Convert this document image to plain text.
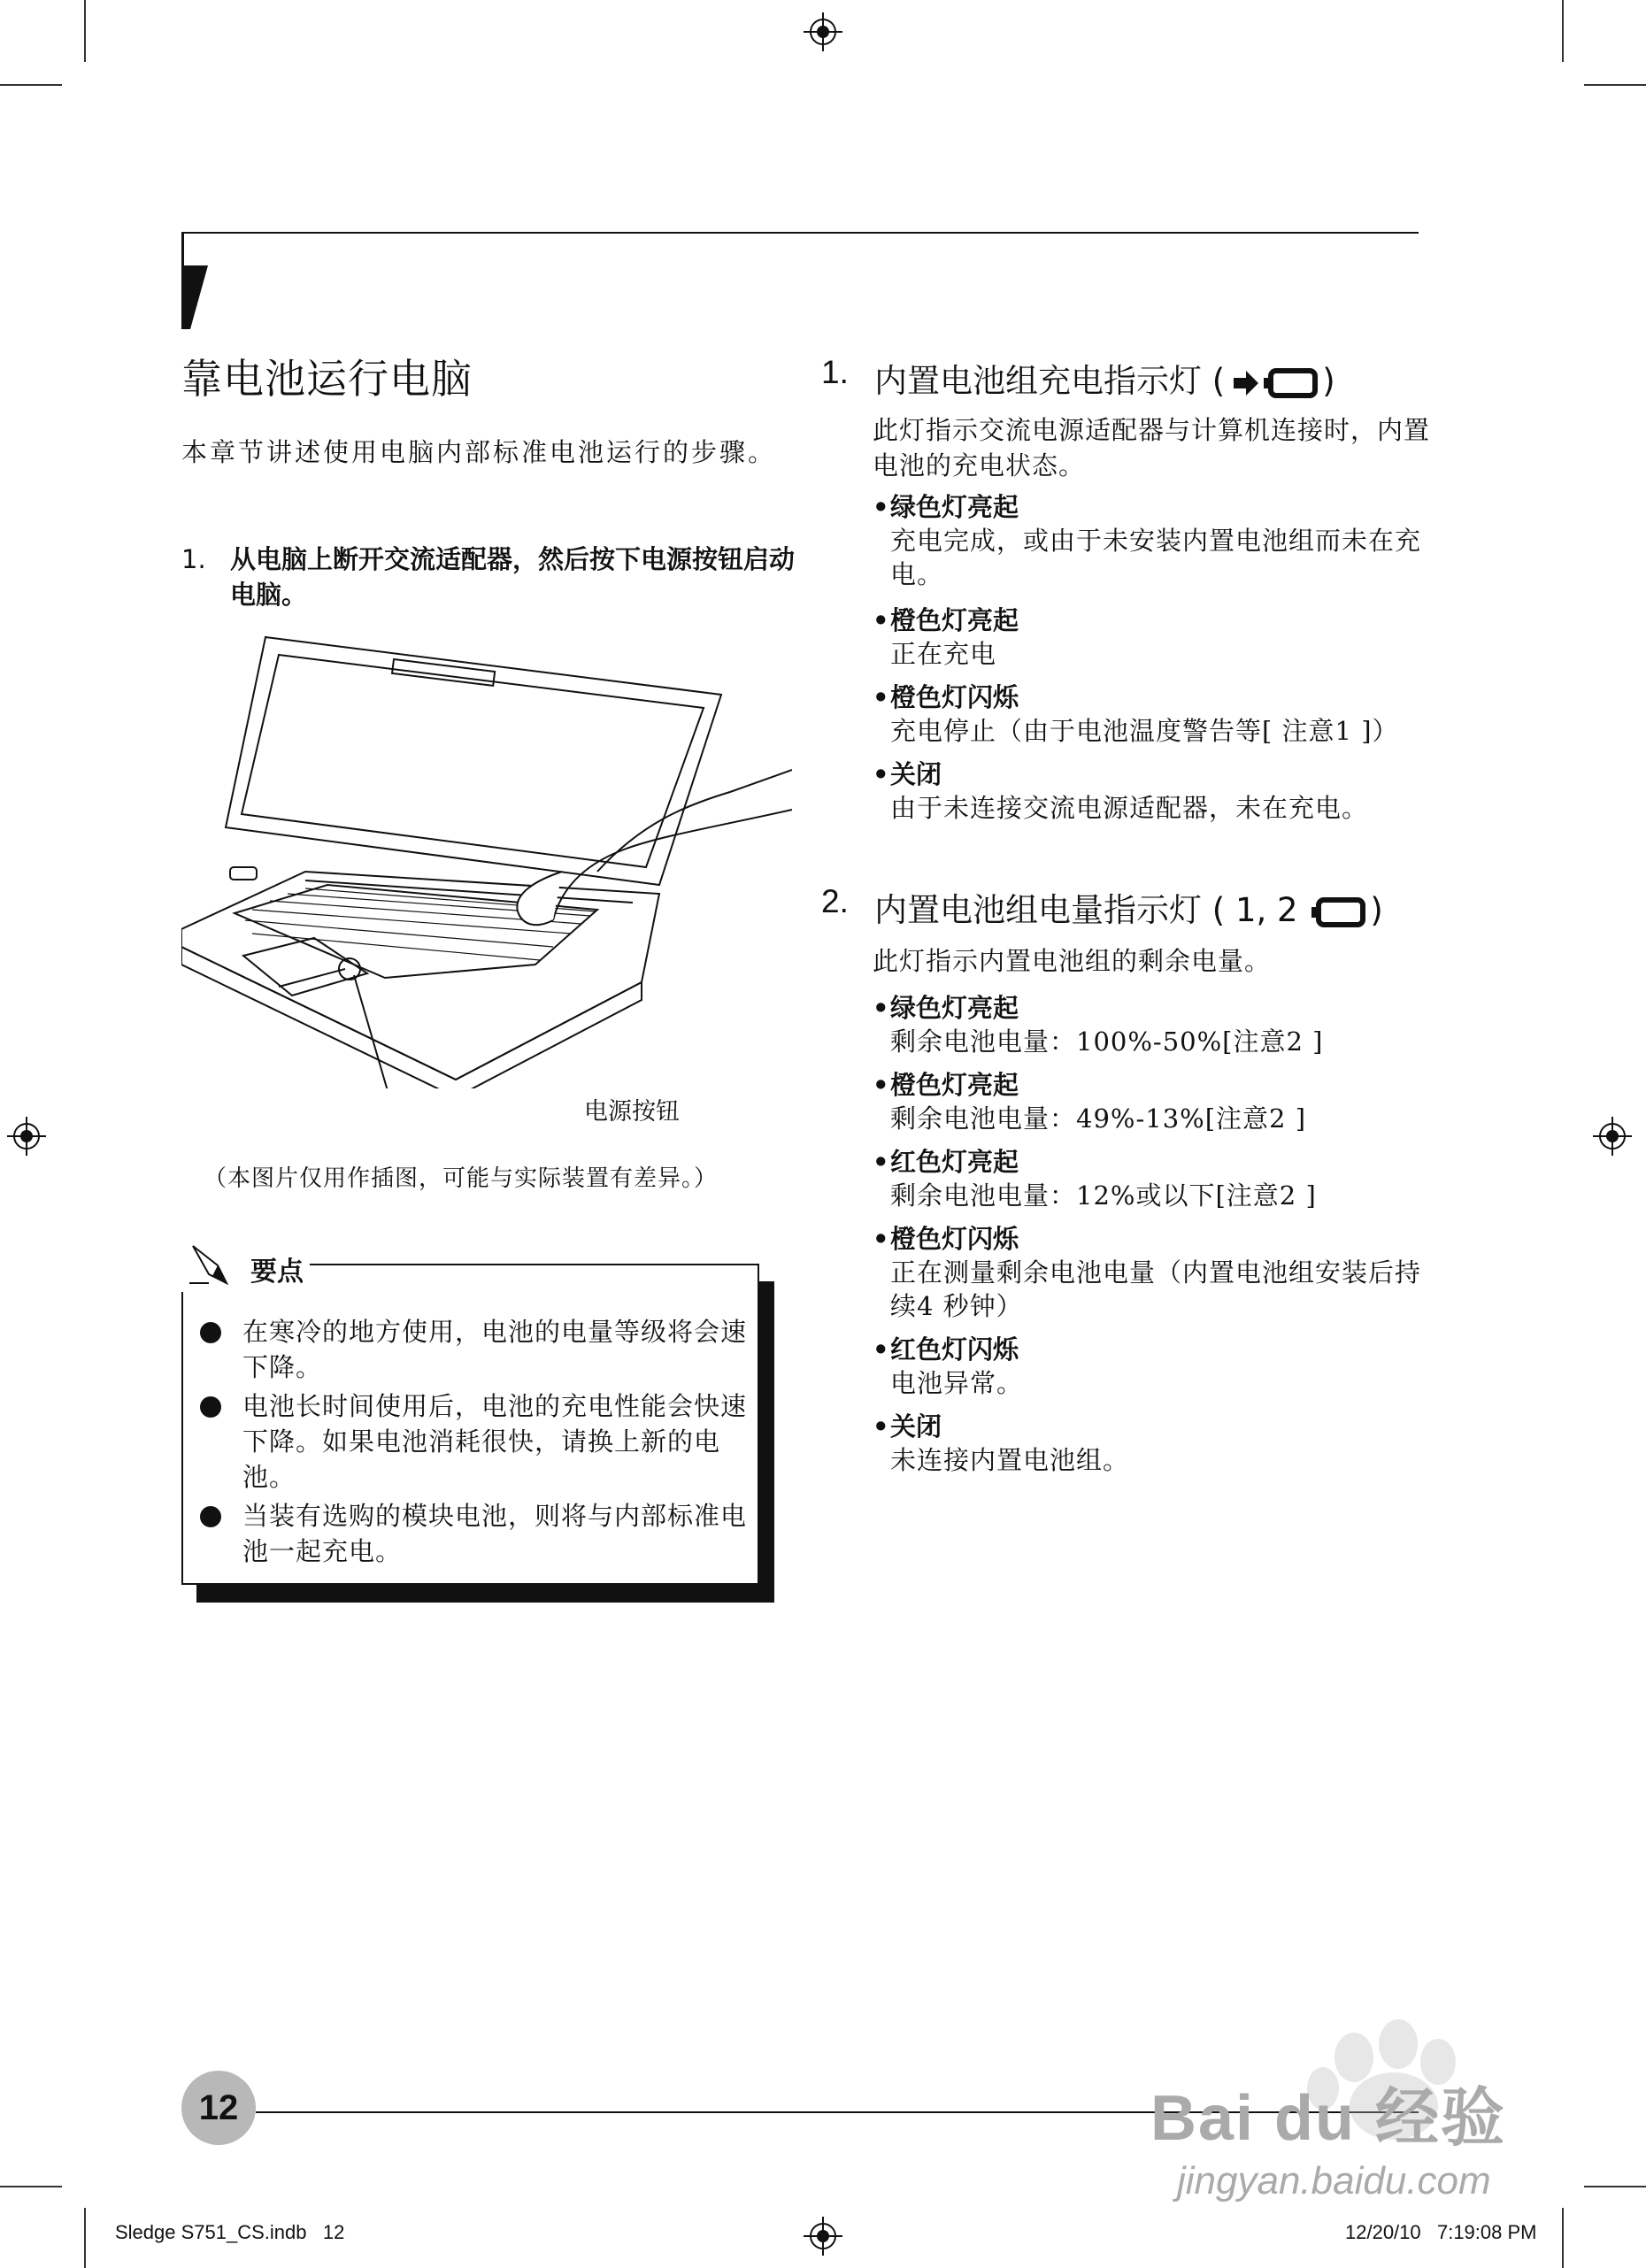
靠电池运行电脑
本章节讲述使用电脑内部标准电池运行的步骤。
1. 从电脑上断开交流适配器，然后按下电源按钮启动电脑。
电源按钮
（本图片仅用作插图，可能与实际装置有差异。）
要点
在寒冷的地方使用，电池的电量等级将会速下降。
电池长时间使用后，电池的充电性能会快速下降。如果电池消耗很快，请换上新的电池。
当装有选购的模块电池，则将与内部标准电池一起充电。
1. 内置电池组充电指示灯 (	)
此灯指示交流电源适配器与计算机连接时，内置电池的充电状态。
•绿色灯亮起
充电完成，或由于未安装内置电池组而未在充电。
•橙色灯亮起
正在充电
•橙色灯闪烁
充电停止（由于电池温度警告等[ 注意1 ]）
•关闭
由于未连接交流电源适配器，未在充电。
2. 内置电池组电量指示灯 ( 1, 2 )
此灯指示内置电池组的剩余电量。
•绿色灯亮起
剩余电池电量：100%-50%[注意2 ]
•橙色灯亮起
剩余电池电量：49%-13%[注意2 ]
•红色灯亮起
剩余电池电量：12%或以下[注意2 ]
•橙色灯闪烁
正在测量剩余电池电量（内置电池组安装后持续4 秒钟）
•红色灯闪烁
电池异常。
•关闭
未连接内置电池组。
12
Sledge S751_CS.indb   12	12/20/10   7:19:08 PM
Bai du 经验
jingyan.baidu.com
